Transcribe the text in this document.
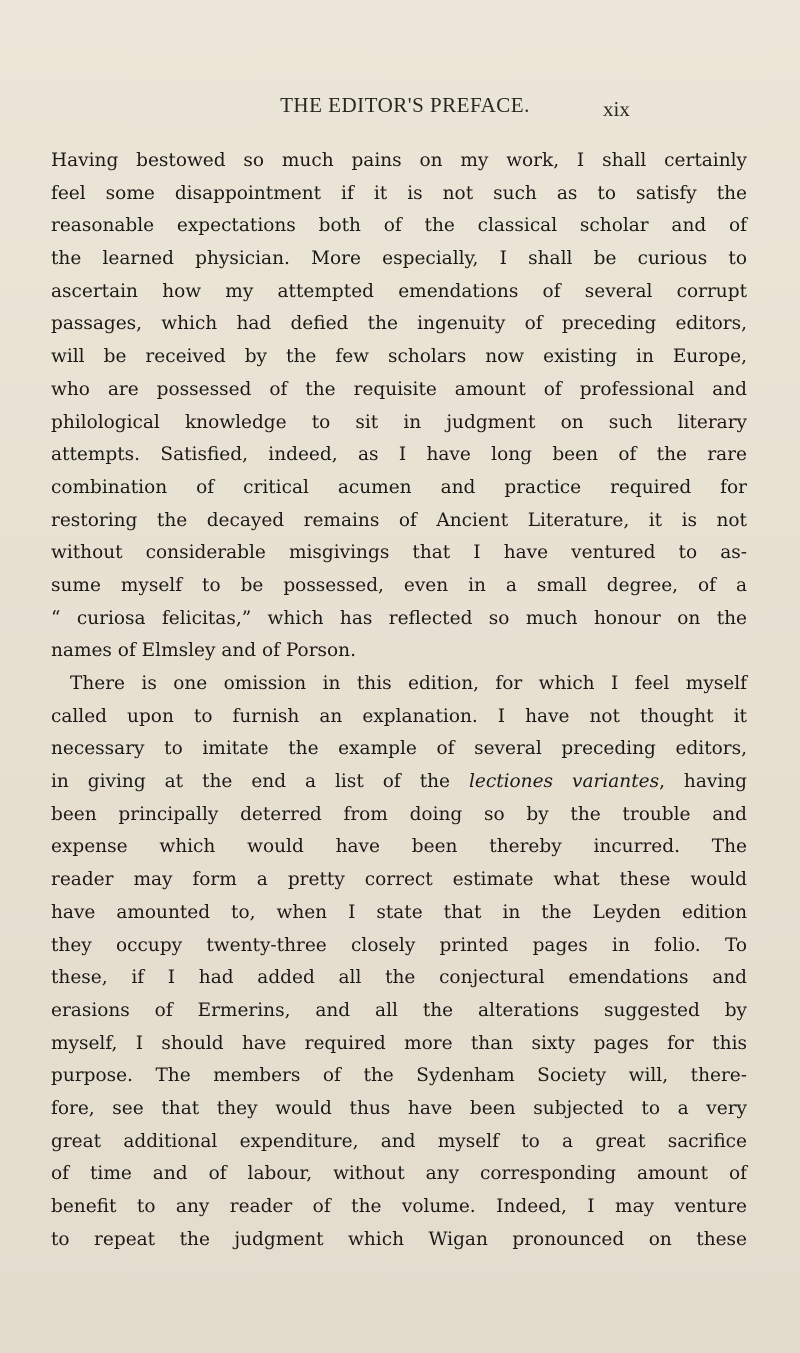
THE EDITOR'S PREFACE.	xix
Having bestowed so much pains on my work, I shall certainly
feel some disappointment if it is not such as to satisfy the
reasonable expectations both of the classical scholar and of
the learned physician. More especially, I shall be curious to
ascertain how my attempted emendations of several corrupt
passages, which had defied the ingenuity of preceding editors,
will be received by the few scholars now existing in Europe,
who are possessed of the requisite amount of professional and
philological knowledge to sit in judgment on such literary
attempts. Satisfied, indeed, as I have long been of the rare
combination of critical acumen and practice required for
restoring the decayed remains of Ancient Literature, it is not
without considerable misgivings that I have ventured to as-
sume myself to be possessed, even in a small degree, of a
“ curiosa felicitas,” which has reflected so much honour on the
names of Elmsley and of Porson.
There is one omission in this edition, for which I feel myself
called upon to furnish an explanation. I have not thought it
necessary to imitate the example of several preceding editors,
in giving at the end a list of the lectiones variantes, having
been principally deterred from doing so by the trouble and
expense which would have been thereby incurred. The
reader may form a pretty correct estimate what these would
have amounted to, when I state that in the Leyden edition
they occupy twenty-three closely printed pages in folio. To
these, if I had added all the conjectural emendations and
erasions of Ermerins, and all the alterations suggested by
myself, I should have required more than sixty pages for this
purpose. The members of the Sydenham Society will, there-
fore, see that they would thus have been subjected to a very
great additional expenditure, and myself to a great sacrifice
of time and of labour, without any corresponding amount of
benefit to any reader of the volume. Indeed, I may venture
to repeat the judgment which Wigan pronounced on these
